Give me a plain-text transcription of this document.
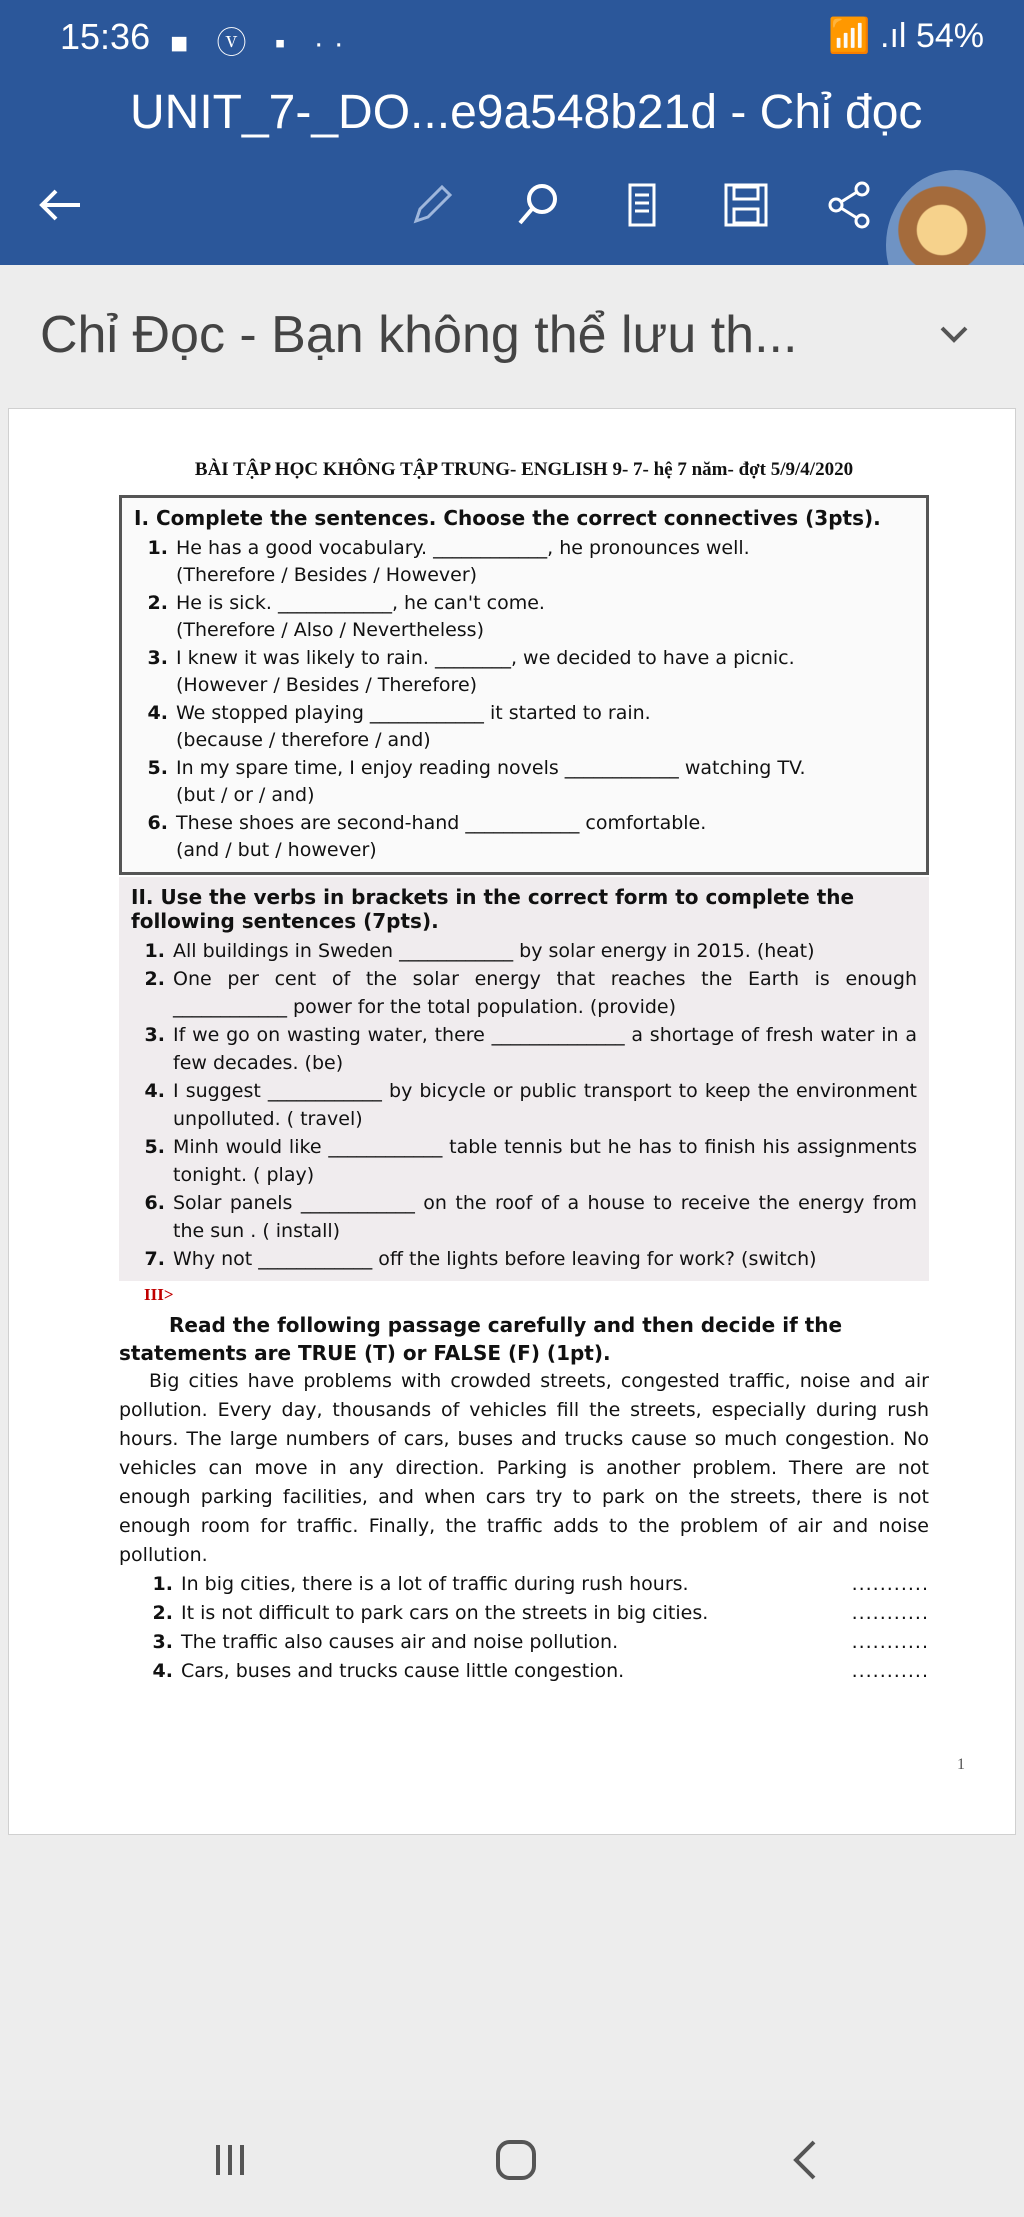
15:36 ■ ⓥ ▪ ··	📶 .ıl 54%
UNIT_7-_DO...e9a548b21d - Chỉ đọc
Chỉ Đọc - Bạn không thể lưu th...
BÀI TẬP HỌC KHÔNG TẬP TRUNG- ENGLISH 9- 7- hệ 7 năm- đợt 5/9/4/2020
I. Complete the sentences. Choose the correct connectives (3pts).
1. He has a good vocabulary. ____________, he pronounces well.
(Therefore / Besides / However)
2. He is sick. ____________, he can't come.
(Therefore / Also / Nevertheless)
3. I knew it was likely to rain. ________, we decided to have a picnic.
(However / Besides / Therefore)
4. We stopped playing ____________ it started to rain.
(because / therefore / and)
5. In my spare time, I enjoy reading novels ____________ watching TV.
(but / or / and)
6. These shoes are second-hand ____________ comfortable.
(and / but / however)
II. Use the verbs in brackets in the correct form to complete the following sentences (7pts).
1. All buildings in Sweden ____________ by solar energy in 2015. (heat)
2. One per cent of the solar energy that reaches the Earth is enough ____________ power for the total population. (provide)
3. If we go on wasting water, there ______________ a shortage of fresh water in a few decades. (be)
4. I suggest ____________ by bicycle or public transport to keep the environment unpolluted. ( travel)
5. Minh would like ____________ table tennis but he has to finish his assignments tonight. ( play)
6. Solar panels ____________ on the roof of a house to receive the energy from the sun . ( install)
7. Why not ____________ off the lights before leaving for work? (switch)
III>
Read the following passage carefully and then decide if the statements are TRUE (T) or FALSE (F) (1pt).
Big cities have problems with crowded streets, congested traffic, noise and air pollution. Every day, thousands of vehicles fill the streets, especially during rush hours. The large numbers of cars, buses and trucks cause so much congestion. No vehicles can move in any direction. Parking is another problem. There are not enough parking facilities, and when cars try to park on the streets, there is not enough room for traffic. Finally, the traffic adds to the problem of air and noise pollution.
1. In big cities, there is a lot of traffic during rush hours.	...........
2. It is not difficult to park cars on the streets in big cities.	...........
3. The traffic also causes air and noise pollution.	...........
4. Cars, buses and trucks cause little congestion.	...........
1
